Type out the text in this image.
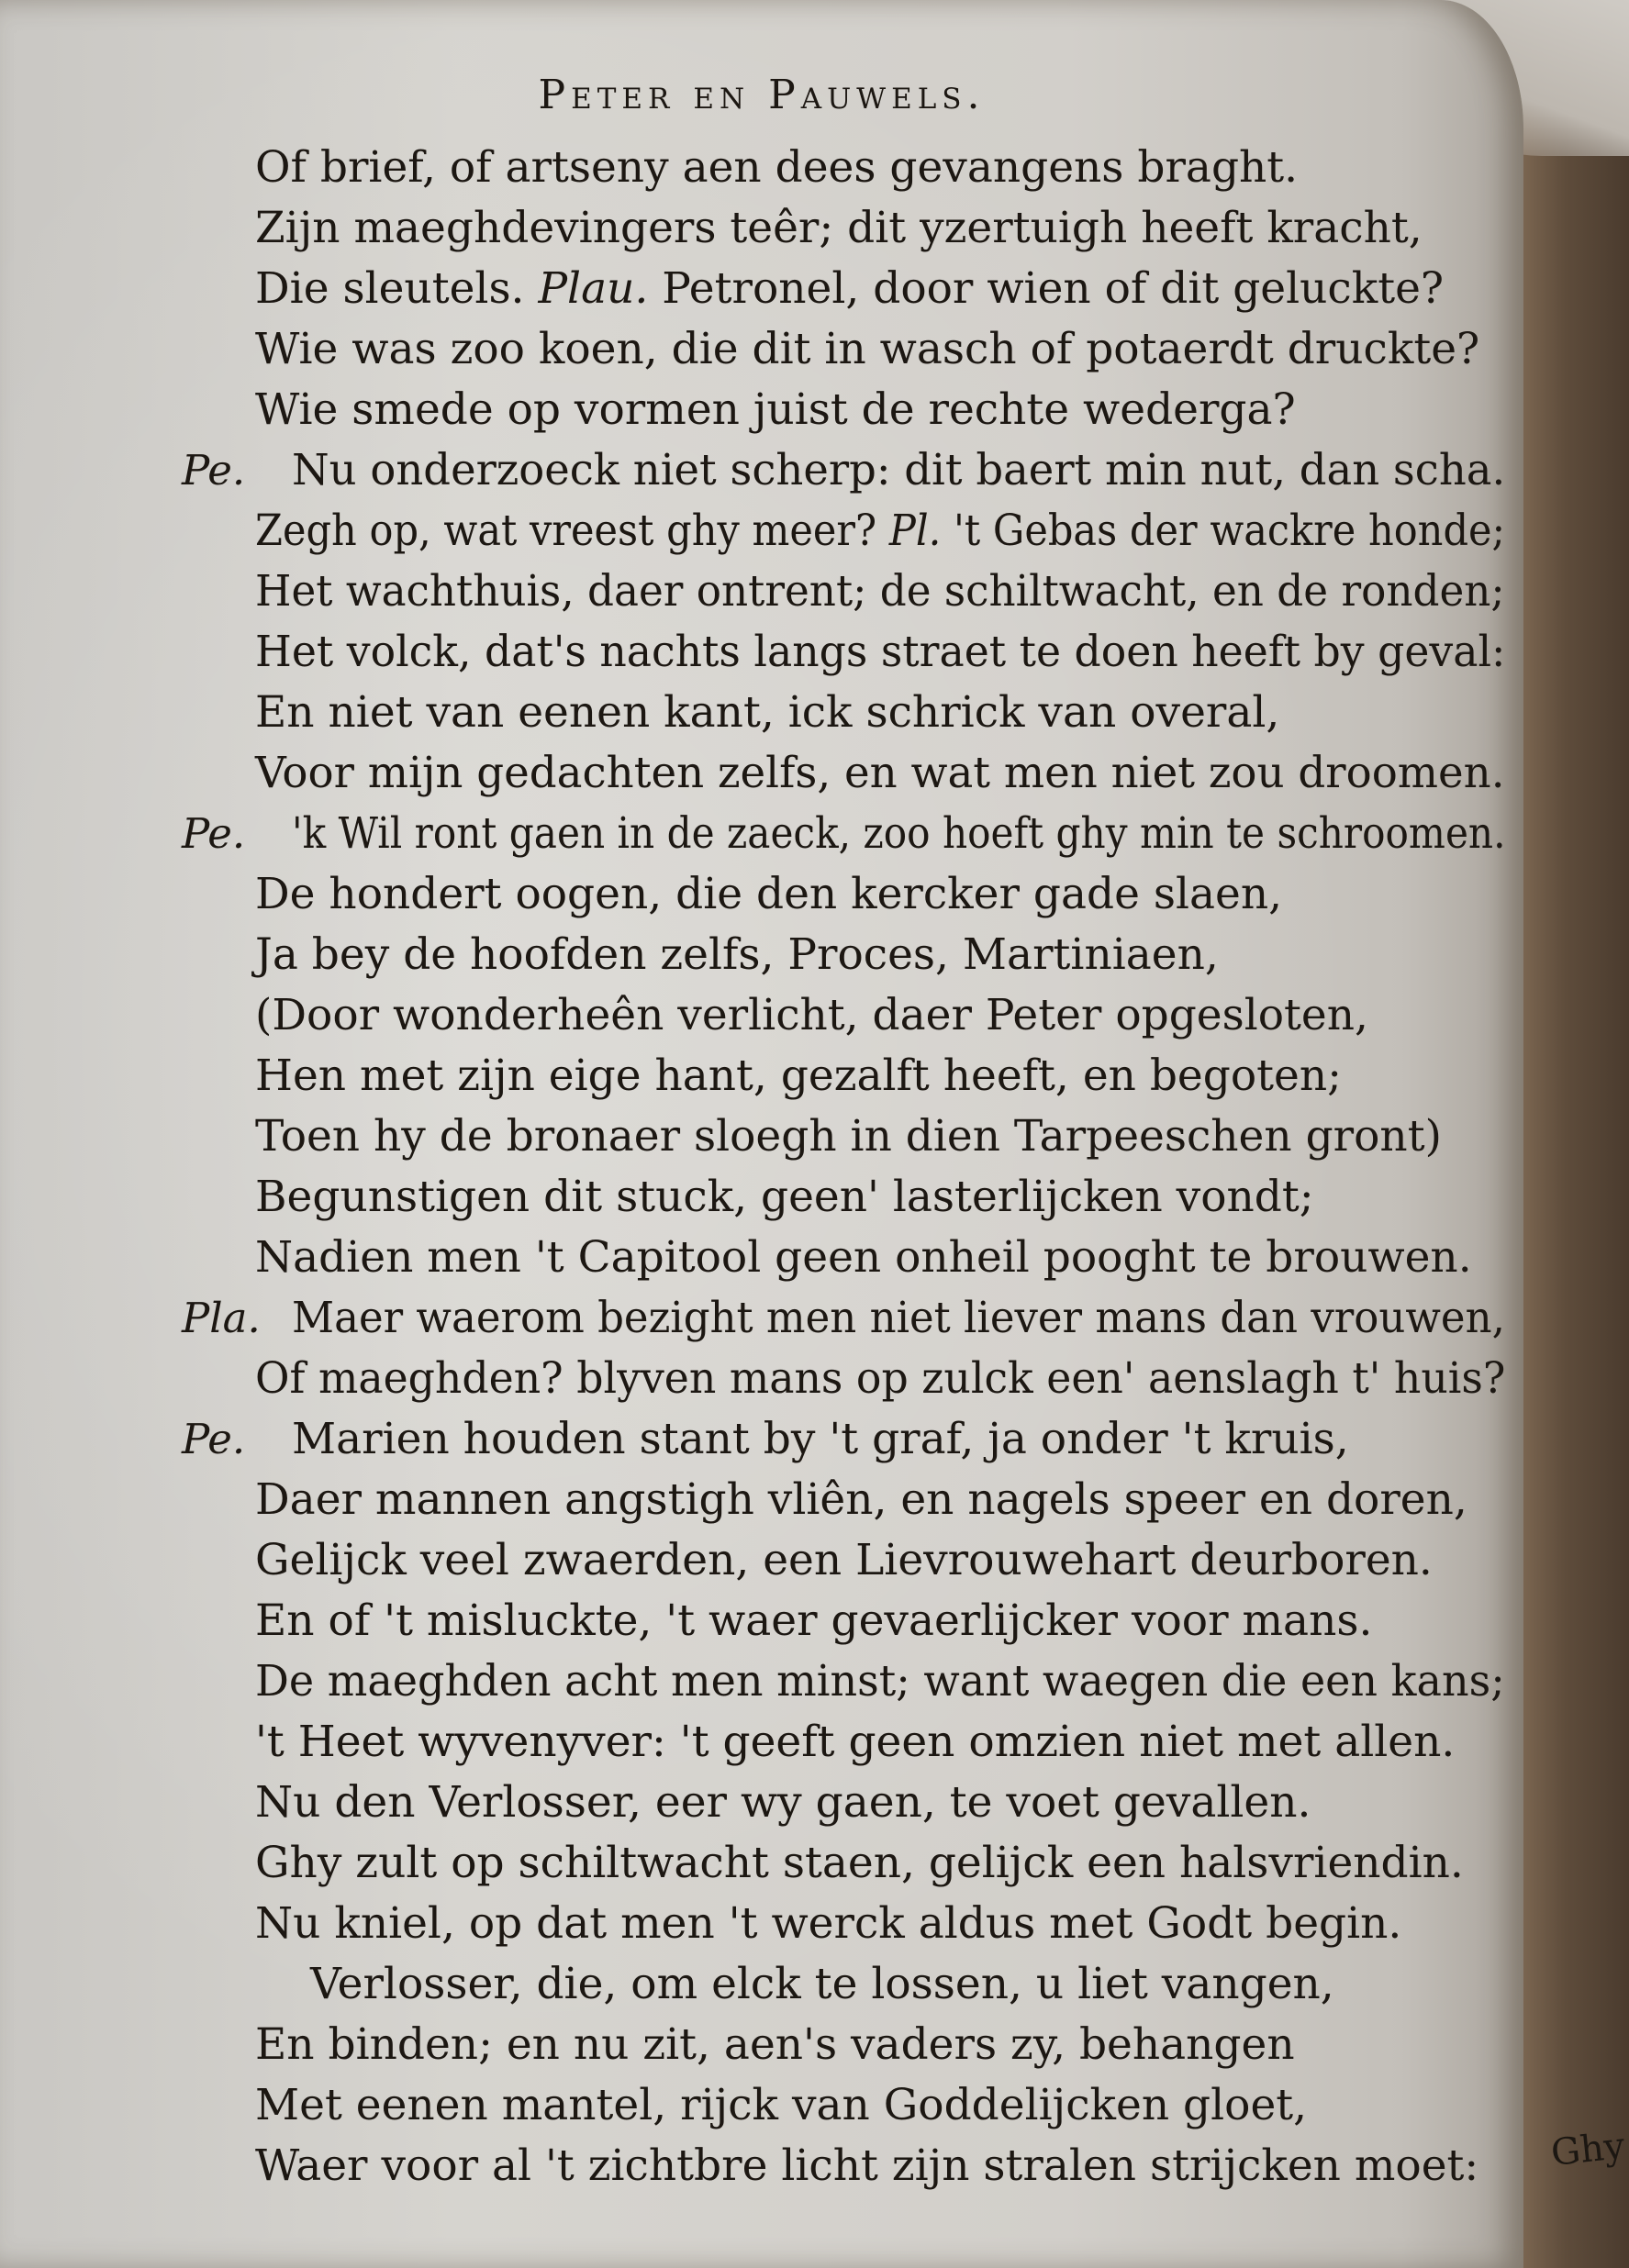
Peter en Pauwels.
Of brief, of artseny aen dees gevangens braght.
Zijn maeghdevingers teêr; dit yzertuigh heeft kracht,
Die sleutels. Plau. Petronel, door wien of dit geluckte?
Wie was zoo koen, die dit in wasch of potaerdt druckte?
Wie smede op vormen juist de rechte wederga?
Pe. Nu onderzoeck niet scherp: dit baert min nut, dan scha.
Zegh op, wat vreest ghy meer? Pl. 't Gebas der wackre honde;
Het wachthuis, daer ontrent; de schiltwacht, en de ronden;
Het volck, dat's nachts langs straet te doen heeft by geval:
En niet van eenen kant, ick schrick van overal,
Voor mijn gedachten zelfs, en wat men niet zou droomen.
Pe. 'k Wil ront gaen in de zaeck, zoo hoeft ghy min te schroomen.
De hondert oogen, die den kercker gade slaen,
Ja bey de hoofden zelfs, Proces, Martiniaen,
(Door wonderheên verlicht, daer Peter opgesloten,
Hen met zijn eige hant, gezalft heeft, en begoten;
Toen hy de bronaer sloegh in dien Tarpeeschen gront)
Begunstigen dit stuck, geen' lasterlijcken vondt;
Nadien men 't Capitool geen onheil pooght te brouwen.
Pla. Maer waerom bezight men niet liever mans dan vrouwen,
Of maeghden? blyven mans op zulck een' aenslagh t' huis?
Pe. Marien houden stant by 't graf, ja onder 't kruis,
Daer mannen angstigh vliên, en nagels speer en doren,
Gelijck veel zwaerden, een Lievrouwehart deurboren.
En of 't misluckte, 't waer gevaerlijcker voor mans.
De maeghden acht men minst; want waegen die een kans;
't Heet wyvenyver: 't geeft geen omzien niet met allen.
Nu den Verlosser, eer wy gaen, te voet gevallen.
Ghy zult op schiltwacht staen, gelijck een halsvriendin.
Nu kniel, op dat men 't werck aldus met Godt begin.
Verlosser, die, om elck te lossen, u liet vangen,
En binden; en nu zit, aen's vaders zy, behangen
Met eenen mantel, rijck van Goddelijcken gloet,
Waer voor al 't zichtbre licht zijn stralen strijcken moet: Ghy
